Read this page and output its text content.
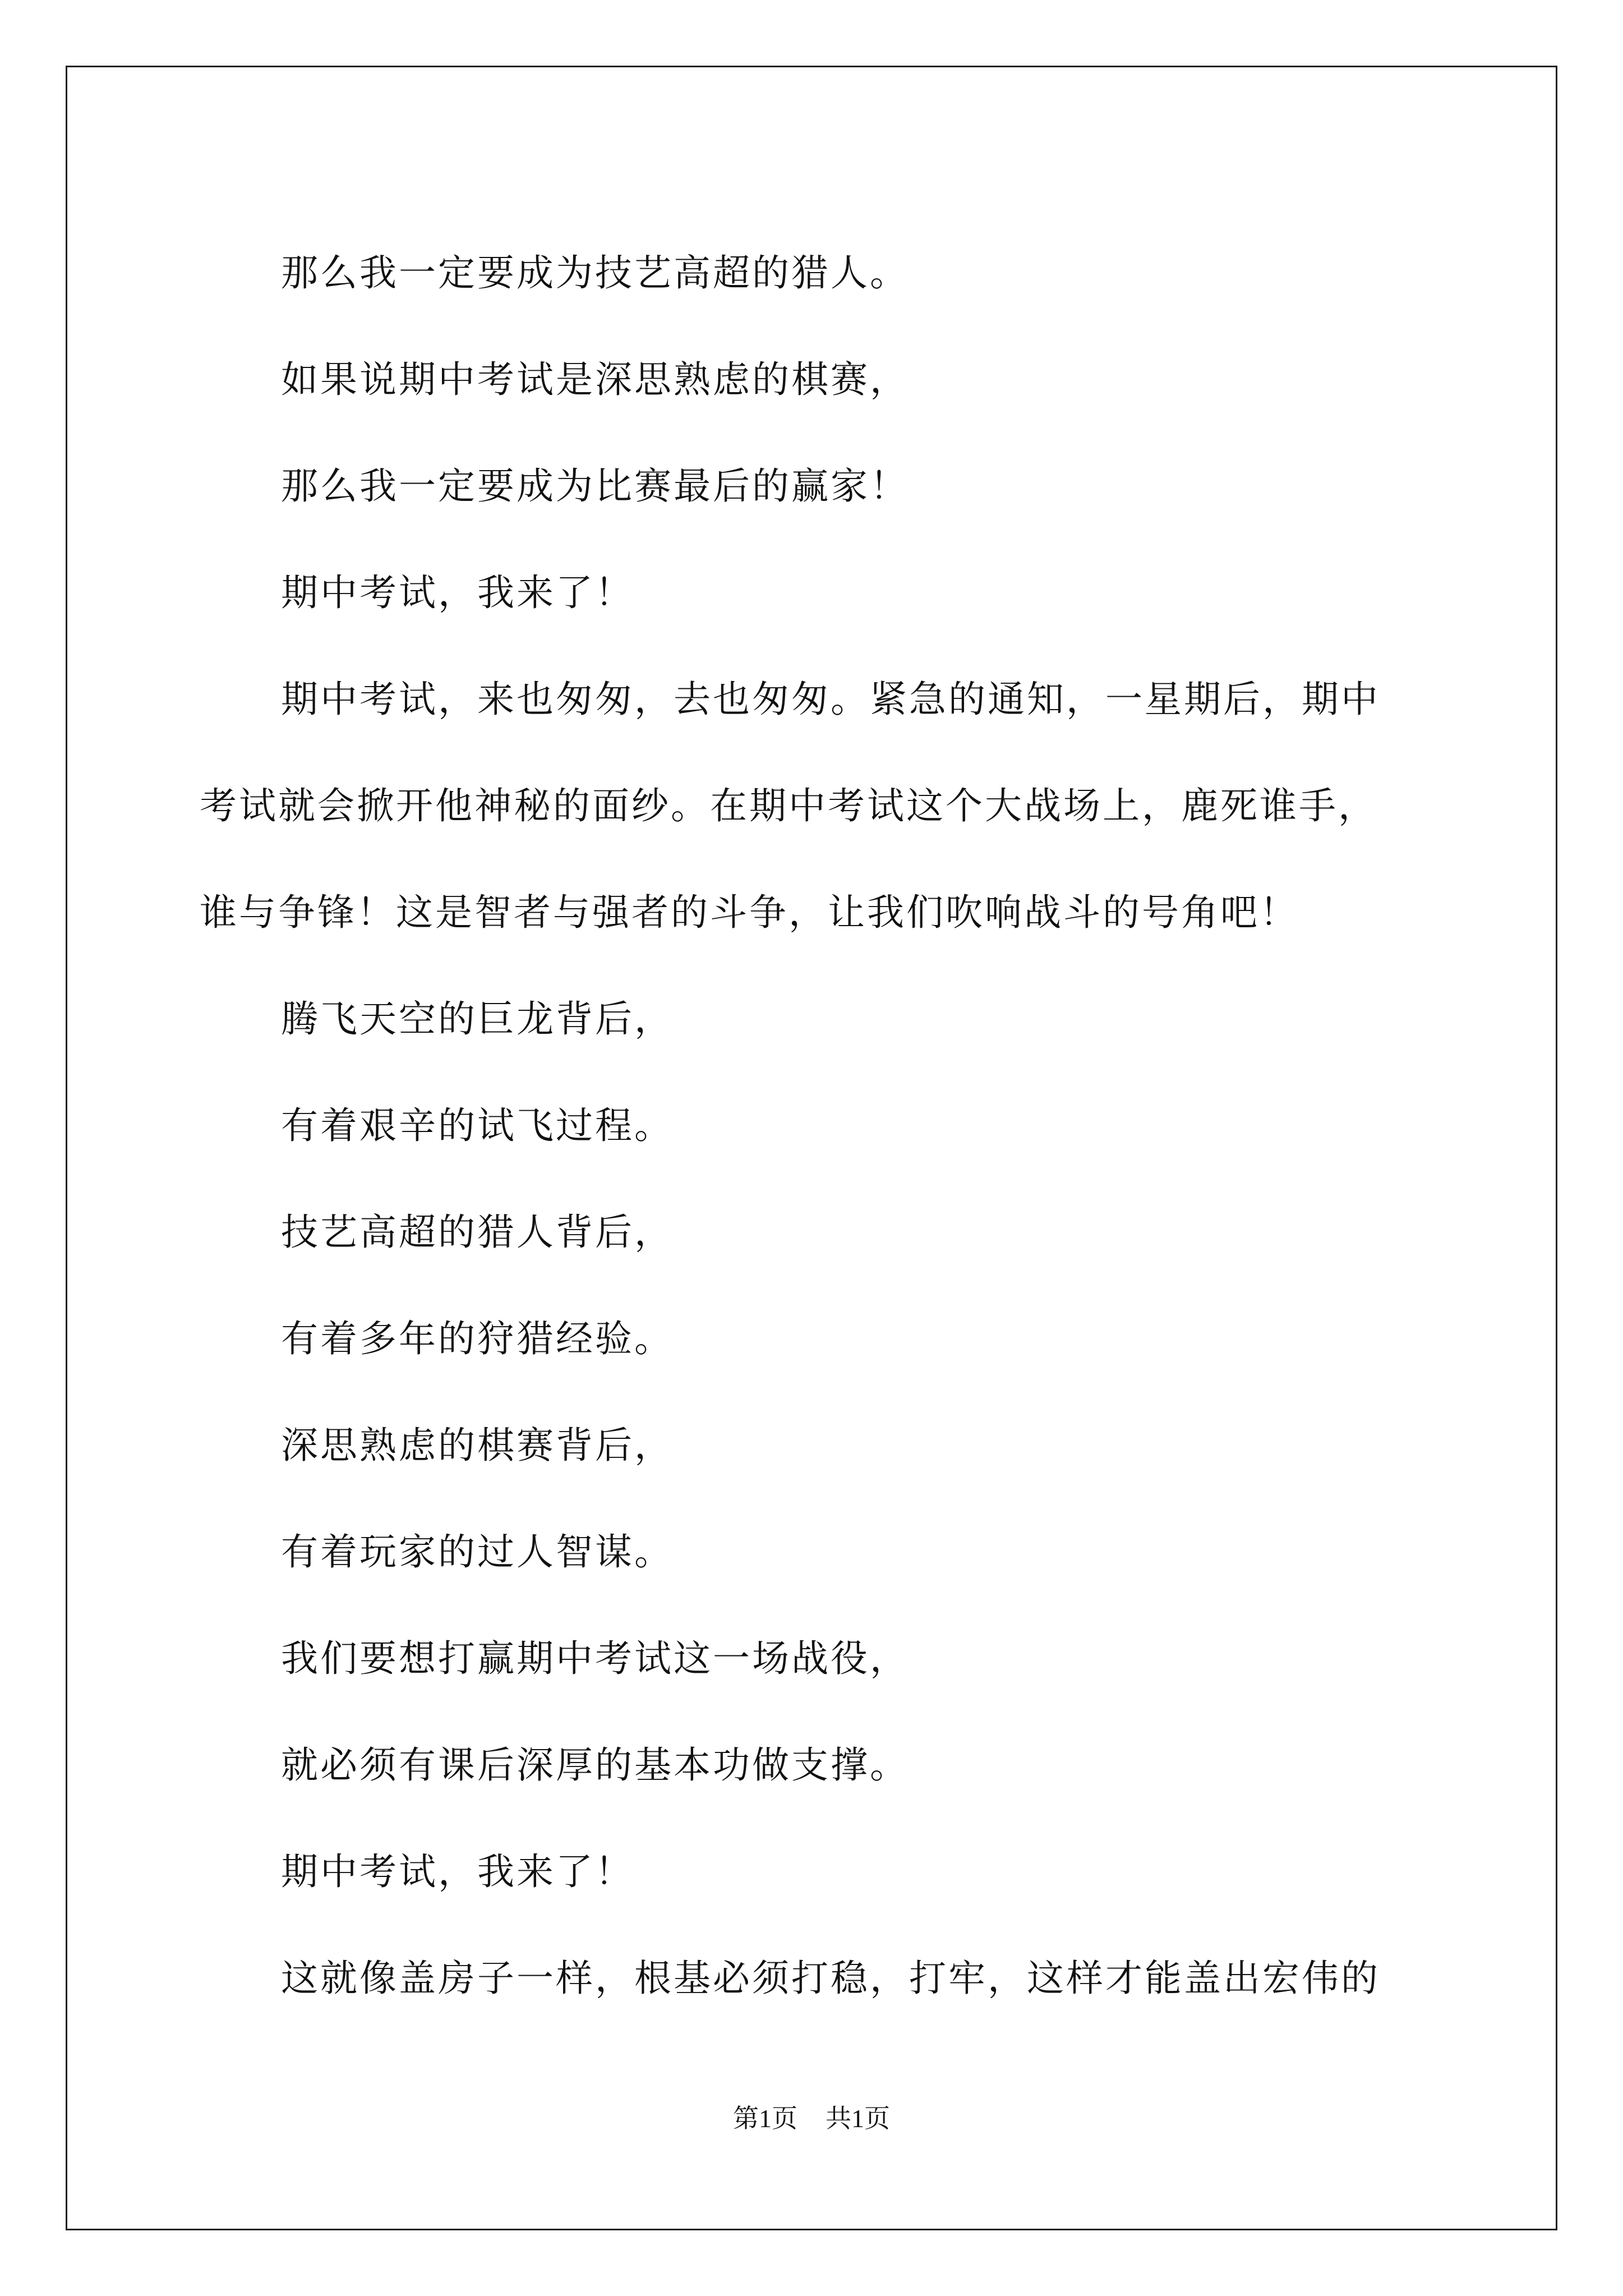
那么我一定要成为技艺高超的猎人。

如果说期中考试是深思熟虑的棋赛，

那么我一定要成为比赛最后的赢家！

期中考试，我来了！

期中考试，来也匆匆，去也匆匆。紧急的通知，一星期后，期中

考试就会掀开他神秘的面纱。在期中考试这个大战场上，鹿死谁手，

谁与争锋！这是智者与强者的斗争，让我们吹响战斗的号角吧！

腾飞天空的巨龙背后，

有着艰辛的试飞过程。

技艺高超的猎人背后，

有着多年的狩猎经验。

深思熟虑的棋赛背后，

有着玩家的过人智谋。

我们要想打赢期中考试这一场战役，

就必须有课后深厚的基本功做支撑。

期中考试，我来了！

这就像盖房子一样，根基必须打稳，打牢，这样才能盖出宏伟的

第1页 共1页
